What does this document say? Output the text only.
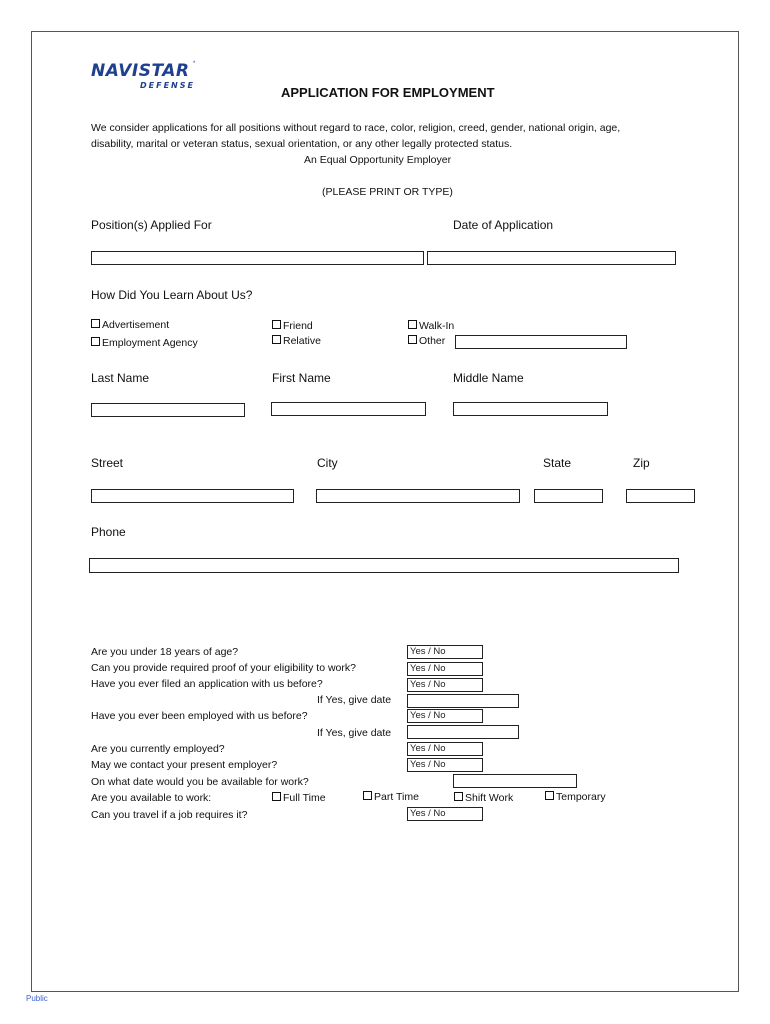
NAVISTAR *
DEFENSE	APPLICATION FOR EMPLOYMENT
We consider applications for all positions without regard to race, color, religion, creed, gender, national origin, age,
disability, marital or veteran status, sexual orientation, or any other legally protected status.
An Equal Opportunity Employer
(PLEASE PRINT OR TYPE)
Position(s) Applied For	Date of Application
How Did You Learn About Us?
Advertisement
Employment Agency
Friend
Relative
Walk-In
Other
Last Name	First Name	Middle Name
Street	City	State	Zip
Phone
Are you under 18 years of age?	Yes / No
Can you provide required proof of your eligibility to work?	Yes / No
Have you ever filed an application with us before?	Yes / No
If Yes, give date
Have you ever been employed with us before?	Yes / No
If Yes, give date
Are you currently employed?	Yes / No
May we contact your present employer?	Yes / No
On what date would you be available for work?
Are you available to work:	Full Time	Part Time	Shift Work	Temporary
Can you travel if a job requires it?	Yes / No
Public
